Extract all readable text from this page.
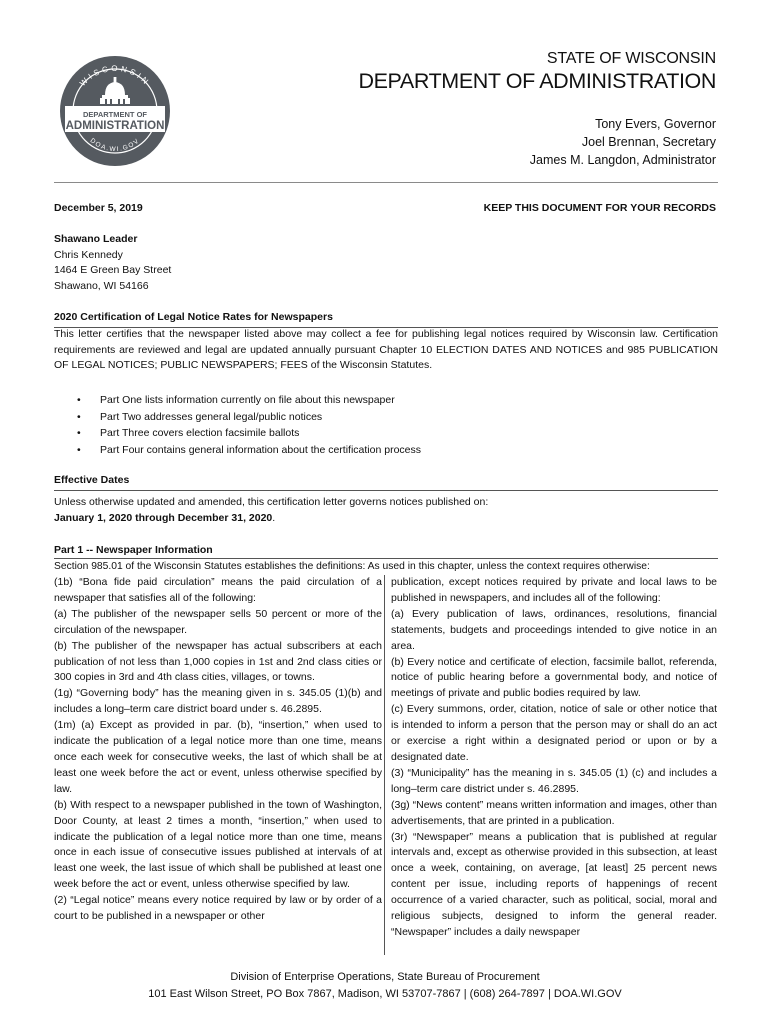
WISCONSIN
DOA.WI.GOV
DEPARTMENT OF
ADMINISTRATION
STATE OF WISCONSIN
DEPARTMENT OF ADMINISTRATION
Tony Evers, Governor
Joel Brennan, Secretary
James M. Langdon, Administrator
December 5, 2019	KEEP THIS DOCUMENT FOR YOUR RECORDS
Shawano Leader
Chris Kennedy
1464 E Green Bay Street
Shawano, WI 54166
2020 Certification of Legal Notice Rates for Newspapers
This letter certifies that the newspaper listed above may collect a fee for publishing legal notices required by Wisconsin law. Certification requirements are reviewed and legal are updated annually pursuant Chapter 10 ELECTION DATES AND NOTICES and 985 PUBLICATION OF LEGAL NOTICES; PUBLIC NEWSPAPERS; FEES of the Wisconsin Statutes.
• Part One lists information currently on file about this newspaper
• Part Two addresses general legal/public notices
• Part Three covers election facsimile ballots
• Part Four contains general information about the certification process
Effective Dates
Unless otherwise updated and amended, this certification letter governs notices published on:
January 1, 2020 through December 31, 2020.
Part 1 -- Newspaper Information
Section 985.01 of the Wisconsin Statutes establishes the definitions: As used in this chapter, unless the context requires otherwise:
(1b) “Bona fide paid circulation” means the paid circulation of a newspaper that satisfies all of the following:
(a) The publisher of the newspaper sells 50 percent or more of the circulation of the newspaper.
(b) The publisher of the newspaper has actual subscribers at each publication of not less than 1,000 copies in 1st and 2nd class cities or 300 copies in 3rd and 4th class cities, villages, or towns.
(1g) “Governing body” has the meaning given in s. 345.05 (1)(b) and includes a long–term care district board under s. 46.2895.
(1m) (a) Except as provided in par. (b), “insertion,” when used to indicate the publication of a legal notice more than one time, means once each week for consecutive weeks, the last of which shall be at least one week before the act or event, unless otherwise specified by law.
(b) With respect to a newspaper published in the town of Washington, Door County, at least 2 times a month, “insertion,” when used to indicate the publication of a legal notice more than one time, means once in each issue of consecutive issues published at intervals of at least one week, the last issue of which shall be published at least one week before the act or event, unless otherwise specified by law.
(2) “Legal notice” means every notice required by law or by order of a court to be published in a newspaper or other
publication, except notices required by private and local laws to be published in newspapers, and includes all of the following:
(a) Every publication of laws, ordinances, resolutions, financial statements, budgets and proceedings intended to give notice in an area.
(b) Every notice and certificate of election, facsimile ballot, referenda, notice of public hearing before a governmental body, and notice of meetings of private and public bodies required by law.
(c) Every summons, order, citation, notice of sale or other notice that is intended to inform a person that the person may or shall do an act or exercise a right within a designated period or upon or by a designated date.
(3) “Municipality” has the meaning in s. 345.05 (1) (c) and includes a long–term care district under s. 46.2895.
(3g) “News content” means written information and images, other than advertisements, that are printed in a publication.
(3r) “Newspaper” means a publication that is published at regular intervals and, except as otherwise provided in this subsection, at least once a week, containing, on average, [at least] 25 percent news content per issue, including reports of happenings of recent occurrence of a varied character, such as political, social, moral and religious subjects, designed to inform the general reader. “Newspaper” includes a daily newspaper
Division of Enterprise Operations, State Bureau of Procurement
101 East Wilson Street, PO Box 7867, Madison, WI 53707-7867 | (608) 264-7897 | DOA.WI.GOV
